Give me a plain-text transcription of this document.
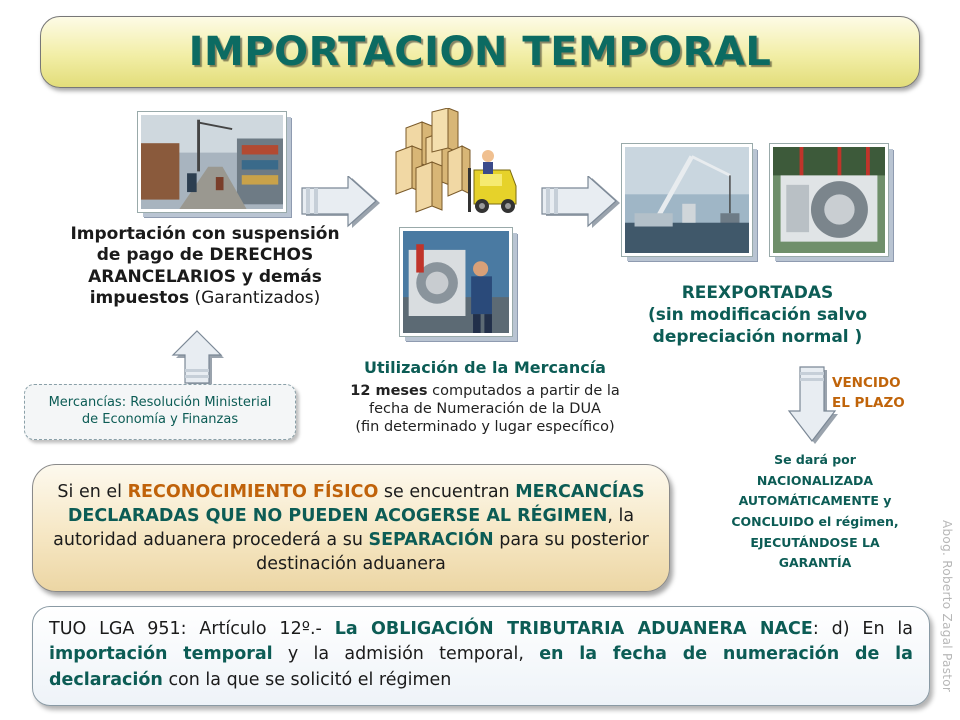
IMPORTACION TEMPORAL
Importación con suspensión
de pago de DERECHOS
ARANCELARIOS y demás
impuestos (Garantizados)
Mercancías: Resolución Ministerial
de Economía y Finanzas
Utilización de la Mercancía
12 meses computados a partir de la
fecha de Numeración de la DUA
(fin determinado y lugar específico)
REEXPORTADAS
(sin modificación salvo
depreciación normal )
VENCIDO
EL PLAZO
Se dará por
NACIONALIZADA
AUTOMÁTICAMENTE y
CONCLUIDO el régimen,
EJECUTÁNDOSE LA
GARANTÍA
Si en el RECONOCIMIENTO FÍSICO se encuentran MERCANCÍAS DECLARADAS QUE NO PUEDEN ACOGERSE AL RÉGIMEN, la autoridad aduanera procederá a su SEPARACIÓN para su posterior destinación aduanera
TUO LGA 951: Artículo 12º.- La OBLIGACIÓN TRIBUTARIA ADUANERA NACE: d) En la importación temporal y la admisión temporal, en la fecha de numeración de la declaración con la que se solicitó el régimen	Abog. Roberto Zagal Pastor
